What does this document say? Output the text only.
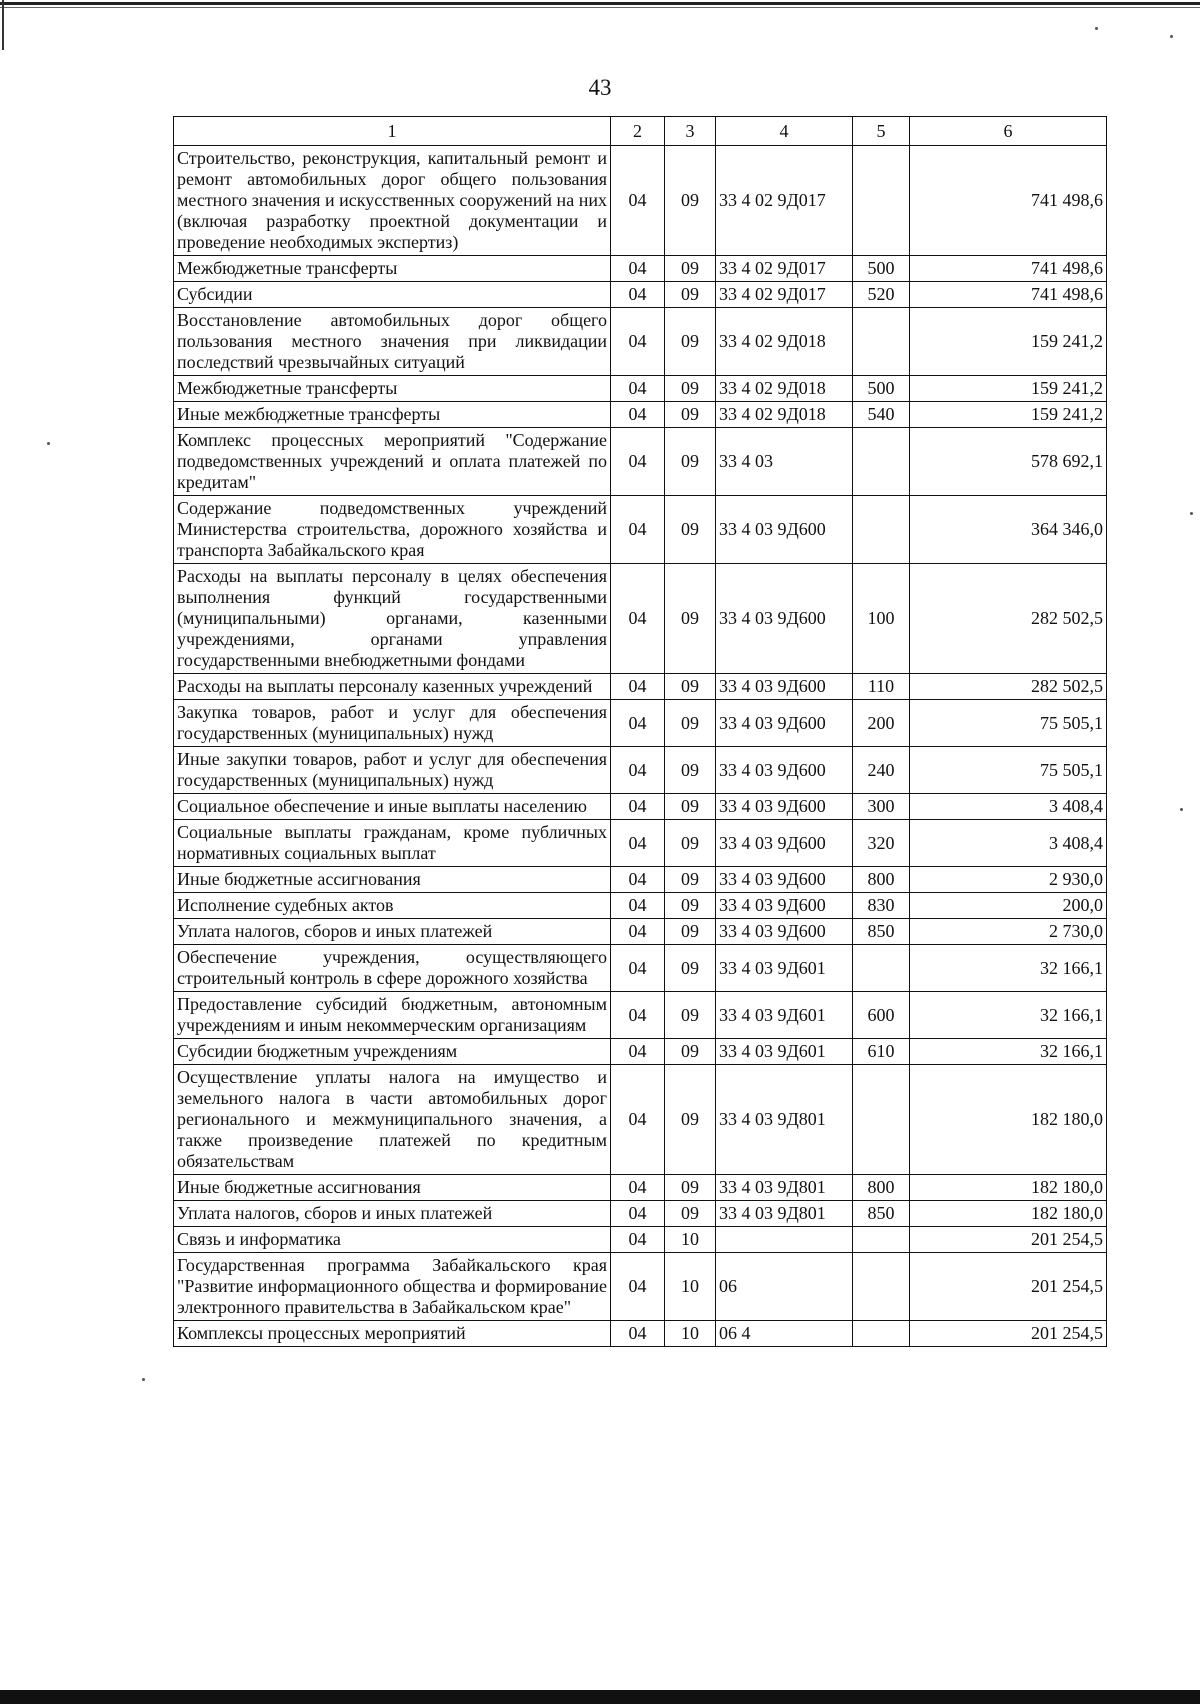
43
1	2	3	4	5	6
Строительство, реконструкция, капитальный ремонт и ремонт автомобильных дорог общего пользования местного значения и искусственных сооружений на них (включая разработку проектной документации и проведение необходимых экспертиз)	04	09	33 4 02 9Д017		741 498,6
Межбюджетные трансферты	04	09	33 4 02 9Д017	500	741 498,6
Субсидии	04	09	33 4 02 9Д017	520	741 498,6
Восстановление автомобильных дорог общего пользования местного значения при ликвидации последствий чрезвычайных ситуаций	04	09	33 4 02 9Д018		159 241,2
Межбюджетные трансферты	04	09	33 4 02 9Д018	500	159 241,2
Иные межбюджетные трансферты	04	09	33 4 02 9Д018	540	159 241,2
Комплекс процессных мероприятий "Содержание подведомственных учреждений и оплата платежей по кредитам"	04	09	33 4 03		578 692,1
Содержание подведомственных учреждений Министерства строительства, дорожного хозяйства и транспорта Забайкальского края	04	09	33 4 03 9Д600		364 346,0
Расходы на выплаты персоналу в целях обеспечения выполнения функций государственными (муниципальными) органами, казенными учреждениями, органами управления государственными внебюджетными фондами	04	09	33 4 03 9Д600	100	282 502,5
Расходы на выплаты персоналу казенных учреждений	04	09	33 4 03 9Д600	110	282 502,5
Закупка товаров, работ и услуг для обеспечения государственных (муниципальных) нужд	04	09	33 4 03 9Д600	200	75 505,1
Иные закупки товаров, работ и услуг для обеспечения государственных (муниципальных) нужд	04	09	33 4 03 9Д600	240	75 505,1
Социальное обеспечение и иные выплаты населению	04	09	33 4 03 9Д600	300	3 408,4
Социальные выплаты гражданам, кроме публичных нормативных социальных выплат	04	09	33 4 03 9Д600	320	3 408,4
Иные бюджетные ассигнования	04	09	33 4 03 9Д600	800	2 930,0
Исполнение судебных актов	04	09	33 4 03 9Д600	830	200,0
Уплата налогов, сборов и иных платежей	04	09	33 4 03 9Д600	850	2 730,0
Обеспечение учреждения, осуществляющего строительный контроль в сфере дорожного хозяйства	04	09	33 4 03 9Д601		32 166,1
Предоставление субсидий бюджетным, автономным учреждениям и иным некоммерческим организациям	04	09	33 4 03 9Д601	600	32 166,1
Субсидии бюджетным учреждениям	04	09	33 4 03 9Д601	610	32 166,1
Осуществление уплаты налога на имущество и земельного налога в части автомобильных дорог регионального и межмуниципального значения, а также произведение платежей по кредитным обязательствам	04	09	33 4 03 9Д801		182 180,0
Иные бюджетные ассигнования	04	09	33 4 03 9Д801	800	182 180,0
Уплата налогов, сборов и иных платежей	04	09	33 4 03 9Д801	850	182 180,0
Связь и информатика	04	10			201 254,5
Государственная программа Забайкальского края "Развитие информационного общества и формирование электронного правительства в Забайкальском крае"	04	10	06		201 254,5
Комплексы процессных мероприятий	04	10	06 4		201 254,5
